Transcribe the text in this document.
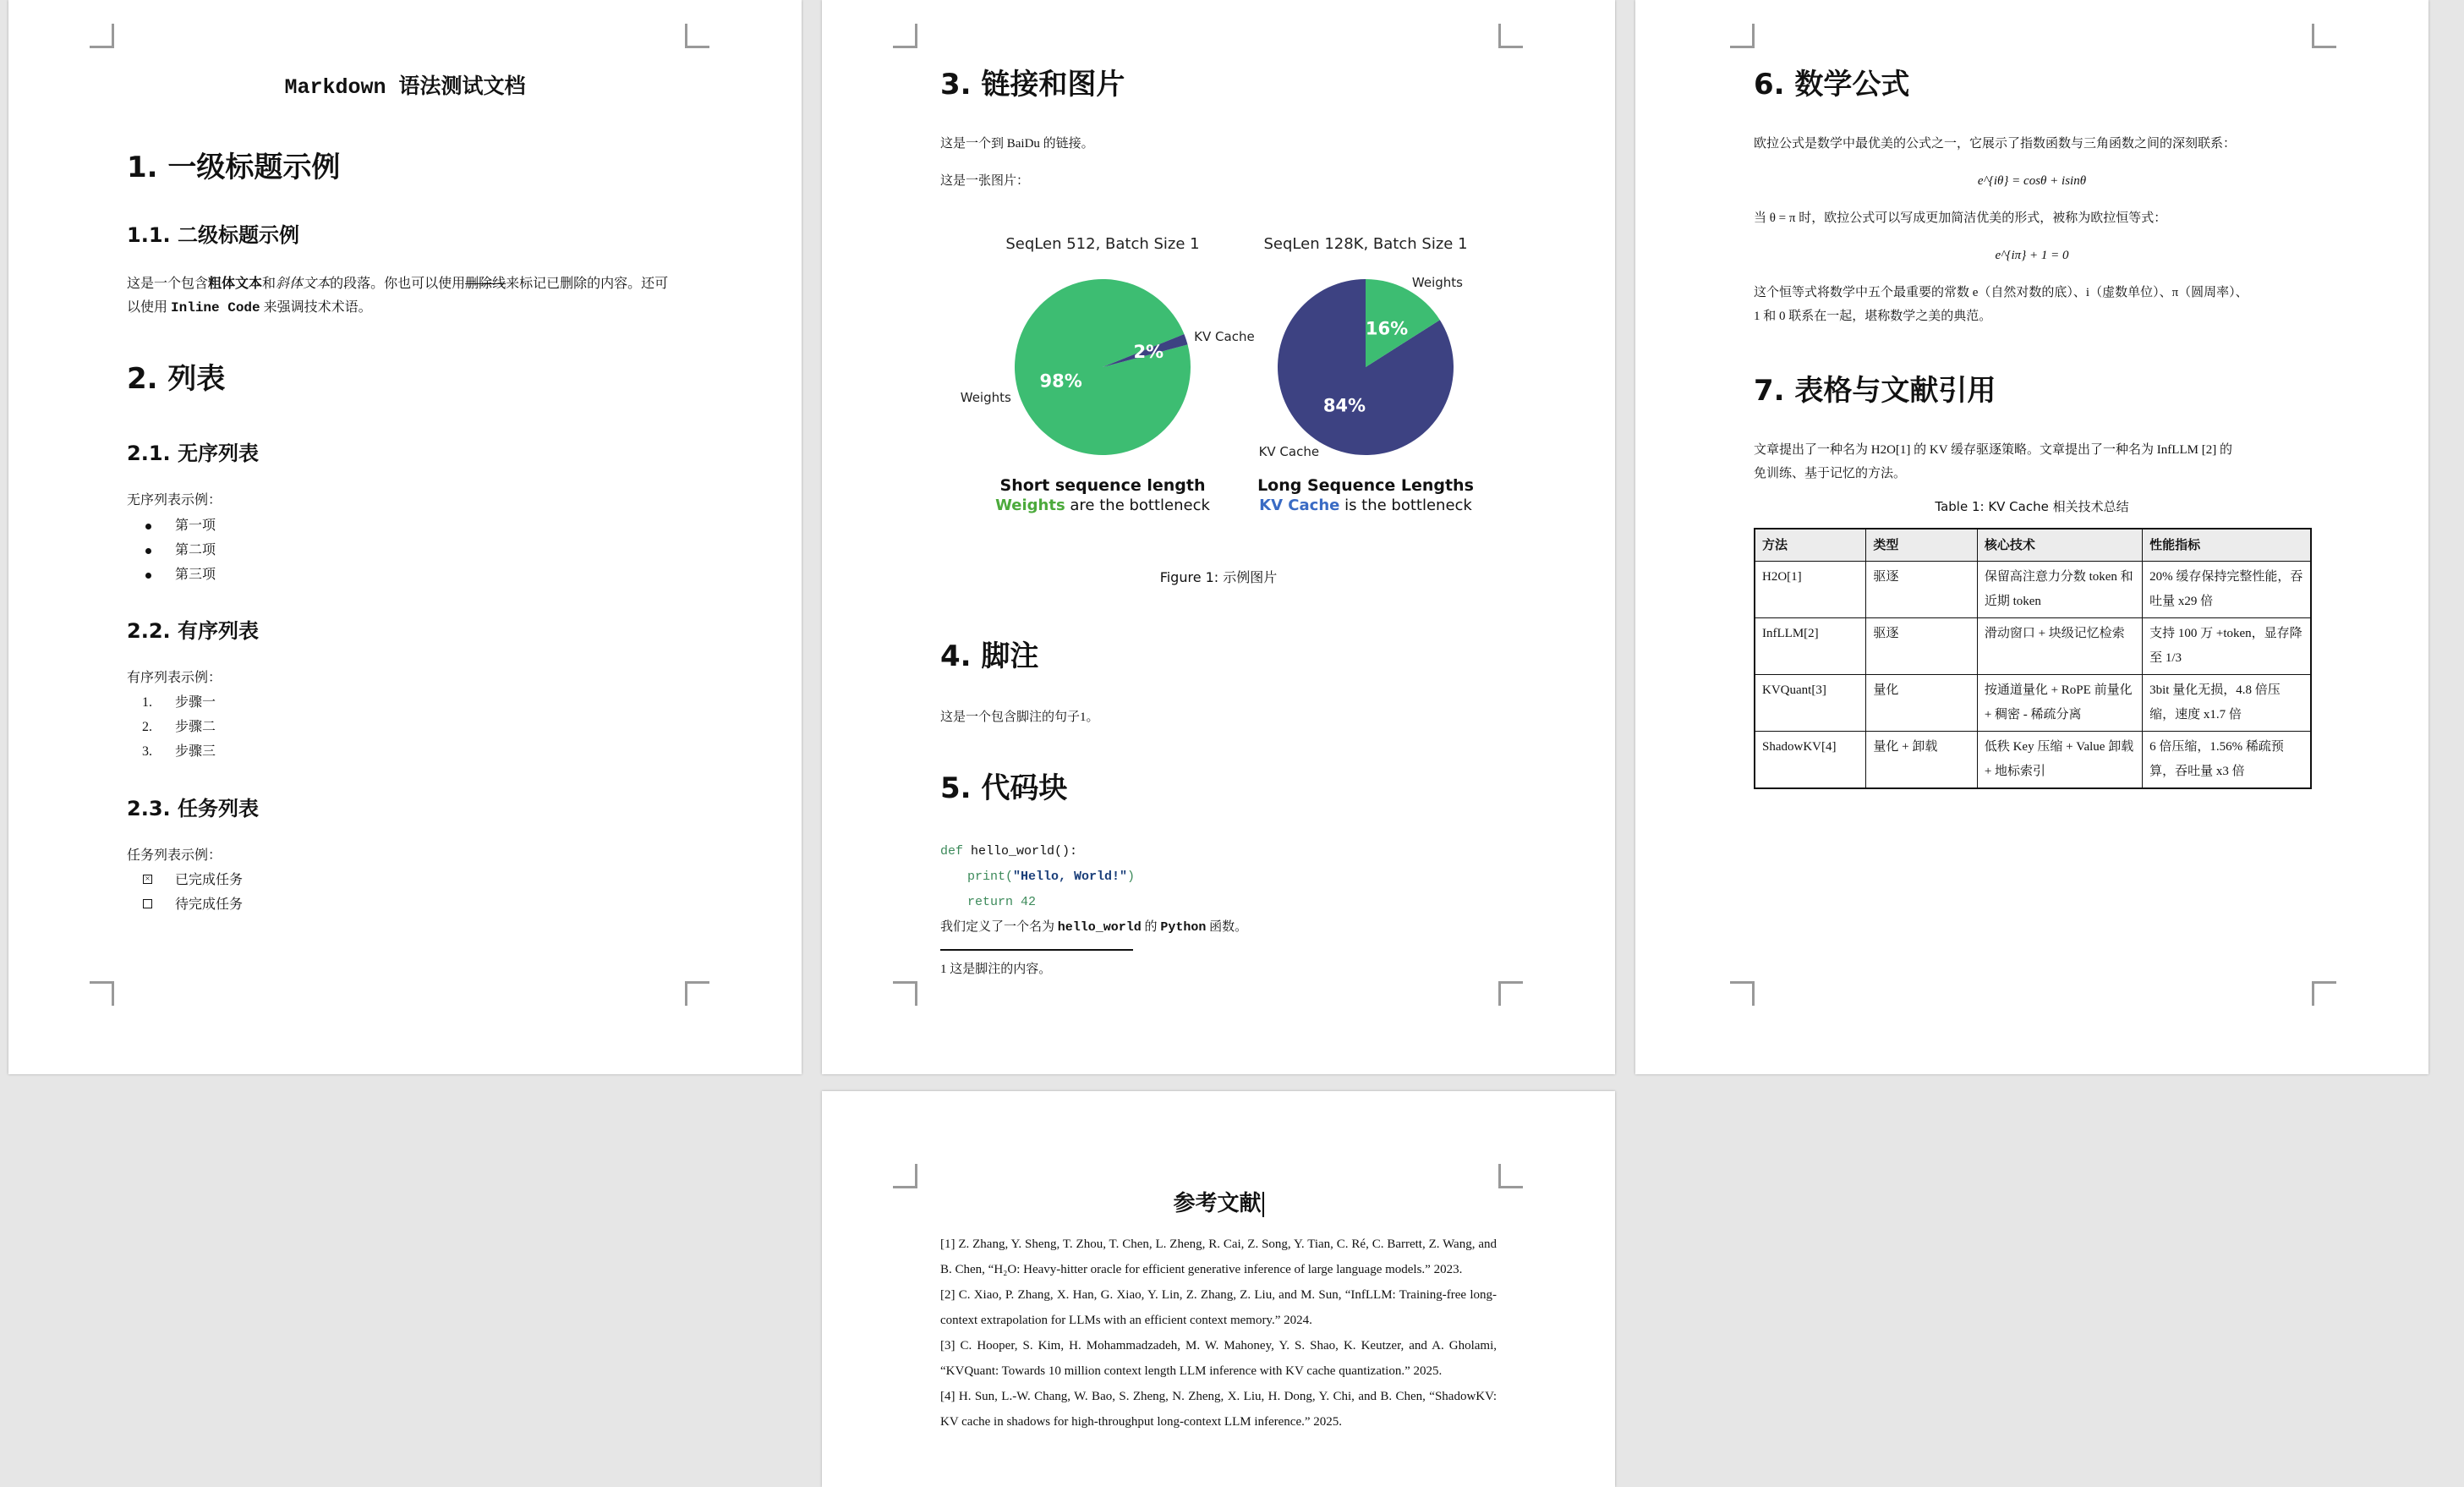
Markdown 语法测试文档
1. 一级标题示例
1.1. 二级标题示例
这是一个包含粗体文本和斜体文本的段落。你也可以使用删除线来标记已删除的内容。还可
以使用 Inline Code 来强调技术术语。
2. 列表
2.1. 无序列表
无序列表示例：
第一项
第二项
第三项
2.2. 有序列表
有序列表示例：
1. 步骤一
2. 步骤二
3. 步骤三
2.3. 任务列表
任务列表示例：
× 已完成任务
待完成任务
3. 链接和图片
这是一个到 BaiDu 的链接。
这是一张图片：
SeqLen 512, Batch Size 1
98%
Weights
2%
KV Cache
Short sequence length
Weights are the bottleneck
SeqLen 128K, Batch Size 1
84%
KV Cache
16%
Weights
Long Sequence Lengths
KV Cache is the bottleneck
Figure 1: 示例图片
4. 脚注
这是一个包含脚注的句子1。
5. 代码块
def hello_world():
print("Hello, World!")
return 42
我们定义了一个名为 hello_world 的 Python 函数。
1 这是脚注的内容。
6. 数学公式
欧拉公式是数学中最优美的公式之一，它展示了指数函数与三角函数之间的深刻联系：
e^{iθ} = cosθ + isinθ
当 θ = π 时，欧拉公式可以写成更加简洁优美的形式，被称为欧拉恒等式：
e^{iπ} + 1 = 0
这个恒等式将数学中五个最重要的常数 e（自然对数的底）、i（虚数单位）、π（圆周率）、
1 和 0 联系在一起，堪称数学之美的典范。
7. 表格与文献引用
文章提出了一种名为 H2O[1] 的 KV 缓存驱逐策略。文章提出了一种名为 InfLLM [2] 的
免训练、基于记忆的方法。
Table 1: KV Cache 相关技术总结
方法	类型	核心技术	性能指标
H2O[1]	驱逐	保留高注意力分数 token 和近期 token	20% 缓存保持完整性能，吞吐量 x29 倍
InfLLM[2]	驱逐	滑动窗口 + 块级记忆检索	支持 100 万 +token，显存降至 1/3
KVQuant[3]	量化	按通道量化 + RoPE 前量化 + 稠密 - 稀疏分离	3bit 量化无损，4.8 倍压缩，速度 x1.7 倍
ShadowKV[4]	量化 + 卸载	低秩 Key 压缩 + Value 卸载 + 地标索引	6 倍压缩，1.56% 稀疏预算，吞吐量 x3 倍
参考文献
[1] Z. Zhang, Y. Sheng, T. Zhou, T. Chen, L. Zheng, R. Cai, Z. Song, Y. Tian, C. Ré, C. Barrett, Z. Wang, and B. Chen, “H₂O: Heavy-hitter oracle for efficient generative inference of large language models.” 2023.
[2] C. Xiao, P. Zhang, X. Han, G. Xiao, Y. Lin, Z. Zhang, Z. Liu, and M. Sun, “InfLLM: Training-free long-context extrapolation for LLMs with an efficient context memory.” 2024.
[3] C. Hooper, S. Kim, H. Mohammadzadeh, M. W. Mahoney, Y. S. Shao, K. Keutzer, and A. Gholami, “KVQuant: Towards 10 million context length LLM inference with KV cache quantization.” 2025.
[4] H. Sun, L.-W. Chang, W. Bao, S. Zheng, N. Zheng, X. Liu, H. Dong, Y. Chi, and B. Chen, “ShadowKV: KV cache in shadows for high-throughput long-context LLM inference.” 2025.
